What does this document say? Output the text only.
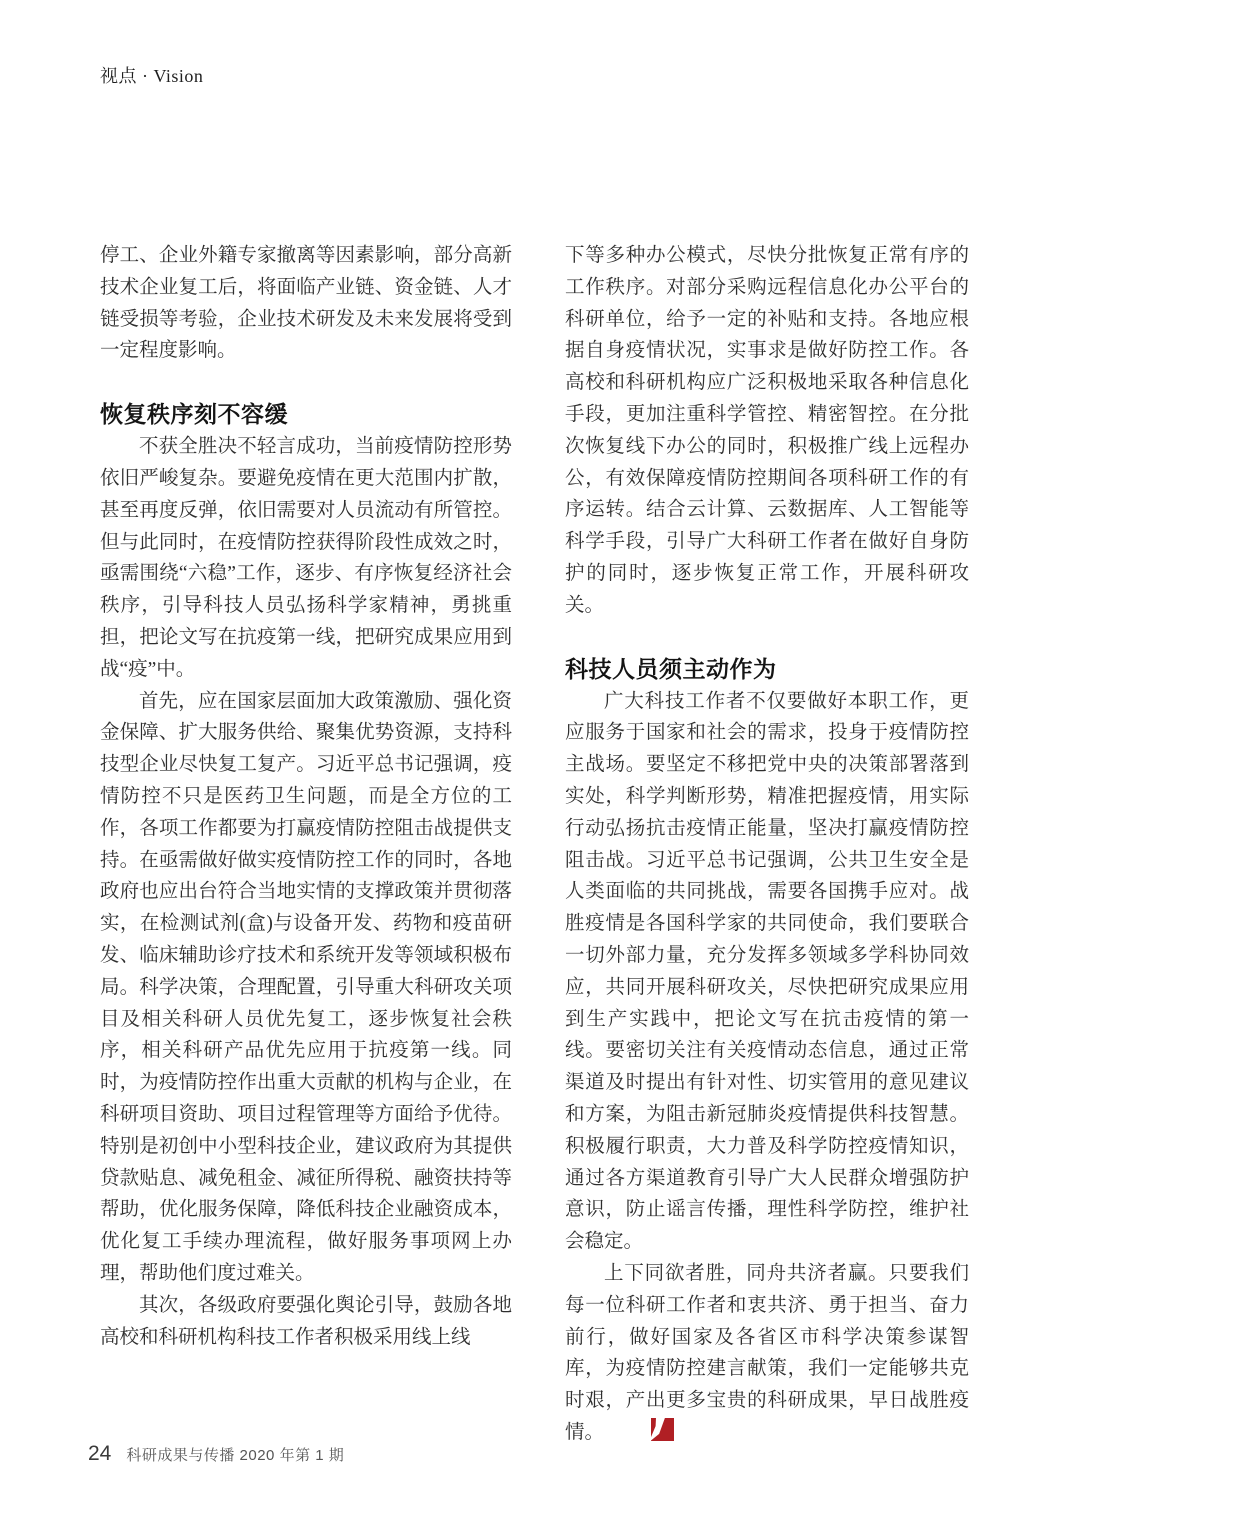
视点 · Vision

停工、企业外籍专家撤离等因素影响，部分高新技术企业复工后，将面临产业链、资金链、人才链受损等考验，企业技术研发及未来发展将受到一定程度影响。

恢复秩序刻不容缓

不获全胜决不轻言成功，当前疫情防控形势依旧严峻复杂。要避免疫情在更大范围内扩散，甚至再度反弹，依旧需要对人员流动有所管控。但与此同时，在疫情防控获得阶段性成效之时，亟需围绕“六稳”工作，逐步、有序恢复经济社会秩序，引导科技人员弘扬科学家精神，勇挑重担，把论文写在抗疫第一线，把研究成果应用到战“疫”中。

首先，应在国家层面加大政策激励、强化资金保障、扩大服务供给、聚集优势资源，支持科技型企业尽快复工复产。习近平总书记强调，疫情防控不只是医药卫生问题，而是全方位的工作，各项工作都要为打赢疫情防控阻击战提供支持。在亟需做好做实疫情防控工作的同时，各地政府也应出台符合当地实情的支撑政策并贯彻落实，在检测试剂(盒)与设备开发、药物和疫苗研发、临床辅助诊疗技术和系统开发等领域积极布局。科学决策，合理配置，引导重大科研攻关项目及相关科研人员优先复工，逐步恢复社会秩序，相关科研产品优先应用于抗疫第一线。同时，为疫情防控作出重大贡献的机构与企业，在科研项目资助、项目过程管理等方面给予优待。特别是初创中小型科技企业，建议政府为其提供贷款贴息、减免租金、减征所得税、融资扶持等帮助，优化服务保障，降低科技企业融资成本，优化复工手续办理流程，做好服务事项网上办理，帮助他们度过难关。

其次，各级政府要强化舆论引导，鼓励各地高校和科研机构科技工作者积极采用线上线

下等多种办公模式，尽快分批恢复正常有序的工作秩序。对部分采购远程信息化办公平台的科研单位，给予一定的补贴和支持。各地应根据自身疫情状况，实事求是做好防控工作。各高校和科研机构应广泛积极地采取各种信息化手段，更加注重科学管控、精密智控。在分批次恢复线下办公的同时，积极推广线上远程办公，有效保障疫情防控期间各项科研工作的有序运转。结合云计算、云数据库、人工智能等科学手段，引导广大科研工作者在做好自身防护的同时，逐步恢复正常工作，开展科研攻关。

科技人员须主动作为

广大科技工作者不仅要做好本职工作，更应服务于国家和社会的需求，投身于疫情防控主战场。要坚定不移把党中央的决策部署落到实处，科学判断形势，精准把握疫情，用实际行动弘扬抗击疫情正能量，坚决打赢疫情防控阻击战。习近平总书记强调，公共卫生安全是人类面临的共同挑战，需要各国携手应对。战胜疫情是各国科学家的共同使命，我们要联合一切外部力量，充分发挥多领域多学科协同效应，共同开展科研攻关，尽快把研究成果应用到生产实践中，把论文写在抗击疫情的第一线。要密切关注有关疫情动态信息，通过正常渠道及时提出有针对性、切实管用的意见建议和方案，为阻击新冠肺炎疫情提供科技智慧。积极履行职责，大力普及科学防控疫情知识，通过各方渠道教育引导广大人民群众增强防护意识，防止谣言传播，理性科学防控，维护社会稳定。

上下同欲者胜，同舟共济者赢。只要我们每一位科研工作者和衷共济、勇于担当、奋力前行，做好国家及各省区市科学决策参谋智库，为疫情防控建言献策，我们一定能够共克时艰，产出更多宝贵的科研成果，早日战胜疫情。

24 科研成果与传播 2020 年第 1 期
